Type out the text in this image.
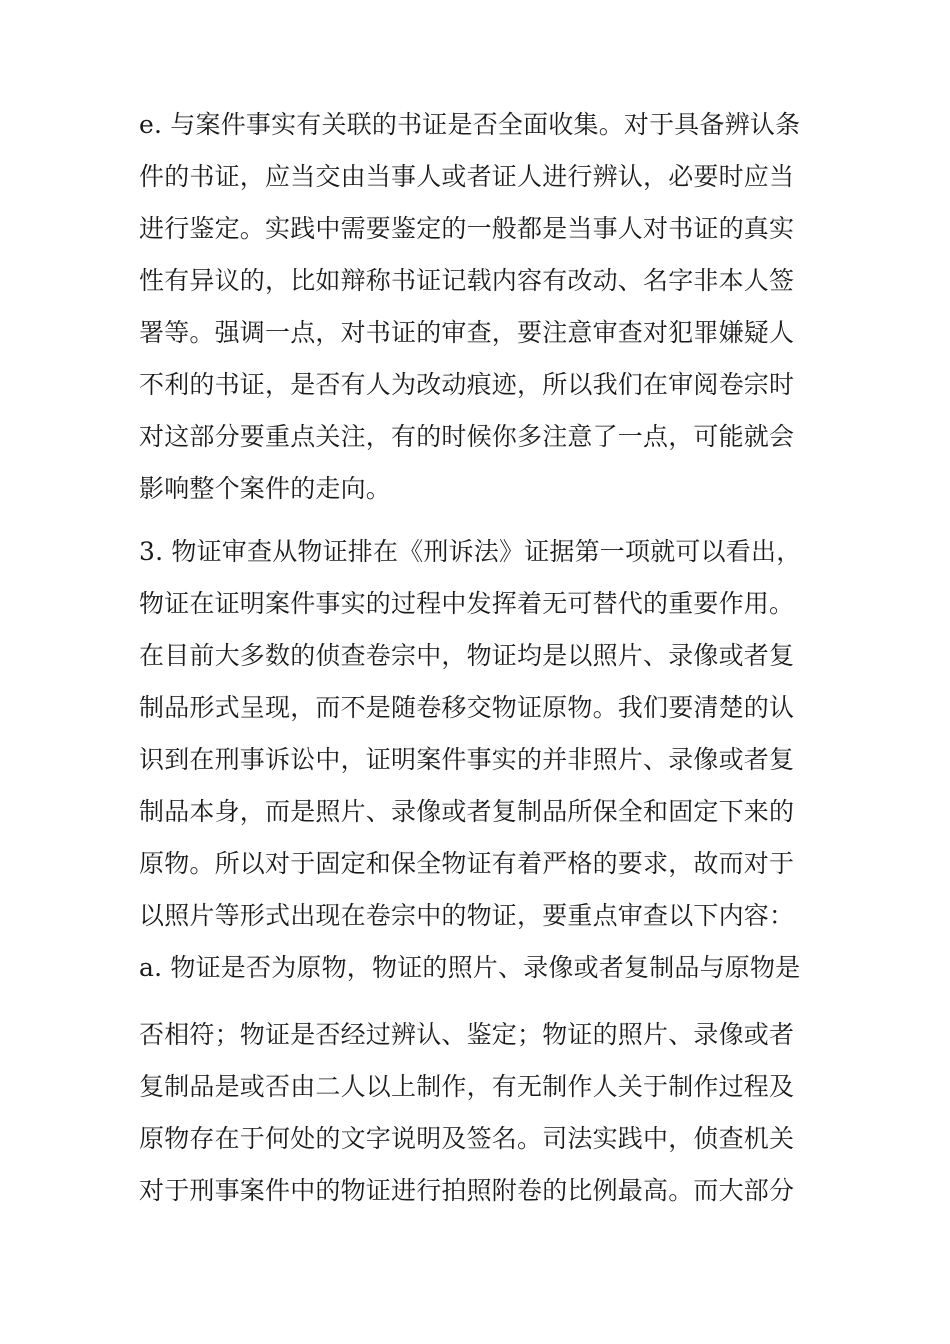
e. 与案件事实有关联的书证是否全面收集。对于具备辨认条
件的书证，应当交由当事人或者证人进行辨认，必要时应当
进行鉴定。实践中需要鉴定的一般都是当事人对书证的真实
性有异议的，比如辩称书证记载内容有改动、名字非本人签
署等。强调一点，对书证的审查，要注意审查对犯罪嫌疑人
不利的书证，是否有人为改动痕迹，所以我们在审阅卷宗时
对这部分要重点关注，有的时候你多注意了一点，可能就会
影响整个案件的走向。
3. 物证审查从物证排在《刑诉法》证据第一项就可以看出，
物证在证明案件事实的过程中发挥着无可替代的重要作用。
在目前大多数的侦查卷宗中，物证均是以照片、录像或者复
制品形式呈现，而不是随卷移交物证原物。我们要清楚的认
识到在刑事诉讼中，证明案件事实的并非照片、录像或者复
制品本身，而是照片、录像或者复制品所保全和固定下来的
原物。所以对于固定和保全物证有着严格的要求，故而对于
以照片等形式出现在卷宗中的物证，要重点审查以下内容：
a. 物证是否为原物，物证的照片、录像或者复制品与原物是
否相符；物证是否经过辨认、鉴定；物证的照片、录像或者
复制品是或否由二人以上制作，有无制作人关于制作过程及
原物存在于何处的文字说明及签名。司法实践中，侦查机关
对于刑事案件中的物证进行拍照附卷的比例最高。而大部分
